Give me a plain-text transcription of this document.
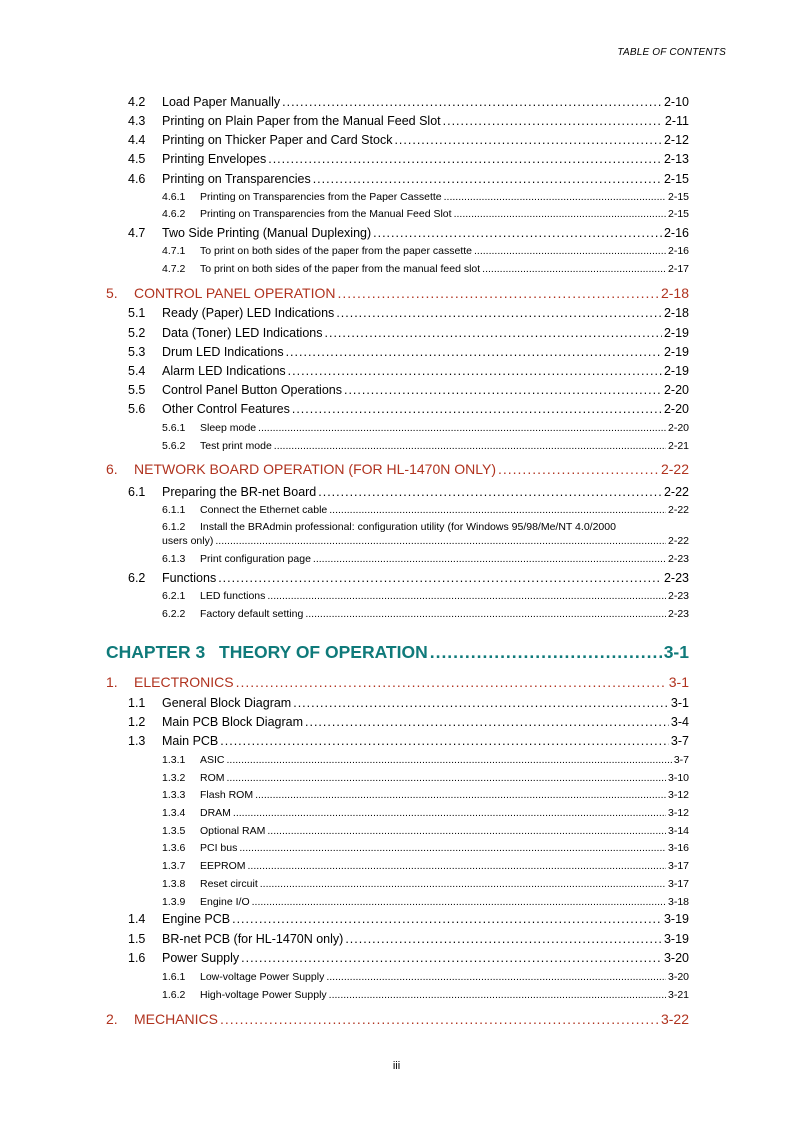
TABLE OF CONTENTS
4.2	Load Paper Manually .....	2-10
4.3	Printing on Plain Paper from the Manual Feed Slot .....	2-11
4.4	Printing on Thicker Paper and Card Stock .....	2-12
4.5	Printing Envelopes .....	2-13
4.6	Printing on Transparencies .....	2-15
4.6.1	Printing on Transparencies from the Paper Cassette .....	2-15
4.6.2	Printing on Transparencies from the Manual Feed Slot .....	2-15
4.7	Two Side Printing (Manual Duplexing) .....	2-16
4.7.1	To print on both sides of the paper from the paper cassette .....	2-16
4.7.2	To print on both sides of the paper from the manual feed slot .....	2-17
5.	CONTROL PANEL OPERATION .....	2-18
5.1	Ready (Paper) LED Indications .....	2-18
5.2	Data (Toner) LED Indications .....	2-19
5.3	Drum LED Indications .....	2-19
5.4	Alarm LED Indications .....	2-19
5.5	Control Panel Button Operations .....	2-20
5.6	Other Control Features .....	2-20
5.6.1	Sleep mode .....	2-20
5.6.2	Test print mode .....	2-21
6.	NETWORK BOARD OPERATION (FOR HL-1470N ONLY) .....	2-22
6.1	Preparing the BR-net Board .....	2-22
6.1.1	Connect the Ethernet cable .....	2-22
6.1.2 Install the BRAdmin professional: configuration utility (for Windows 95/98/Me/NT 4.0/2000
users only) .....	2-22
6.1.3	Print configuration page .....	2-23
6.2	Functions .....	2-23
6.2.1	LED functions .....	2-23
6.2.2	Factory default setting .....	2-23
CHAPTER 3 THEORY OF OPERATION .....	3-1
1.	ELECTRONICS .....	3-1
1.1	General Block Diagram .....	3-1
1.2	Main PCB Block Diagram .....	3-4
1.3	Main PCB .....	3-7
1.3.1	ASIC .....	3-7
1.3.2	ROM .....	3-10
1.3.3	Flash ROM .....	3-12
1.3.4	DRAM .....	3-12
1.3.5	Optional RAM .....	3-14
1.3.6	PCI bus .....	3-16
1.3.7	EEPROM .....	3-17
1.3.8	Reset circuit .....	3-17
1.3.9	Engine I/O .....	3-18
1.4	Engine PCB .....	3-19
1.5	BR-net PCB (for HL-1470N only) .....	3-19
1.6	Power Supply .....	3-20
1.6.1	Low-voltage Power Supply .....	3-20
1.6.2	High-voltage Power Supply .....	3-21
2.	MECHANICS .....	3-22
iii
